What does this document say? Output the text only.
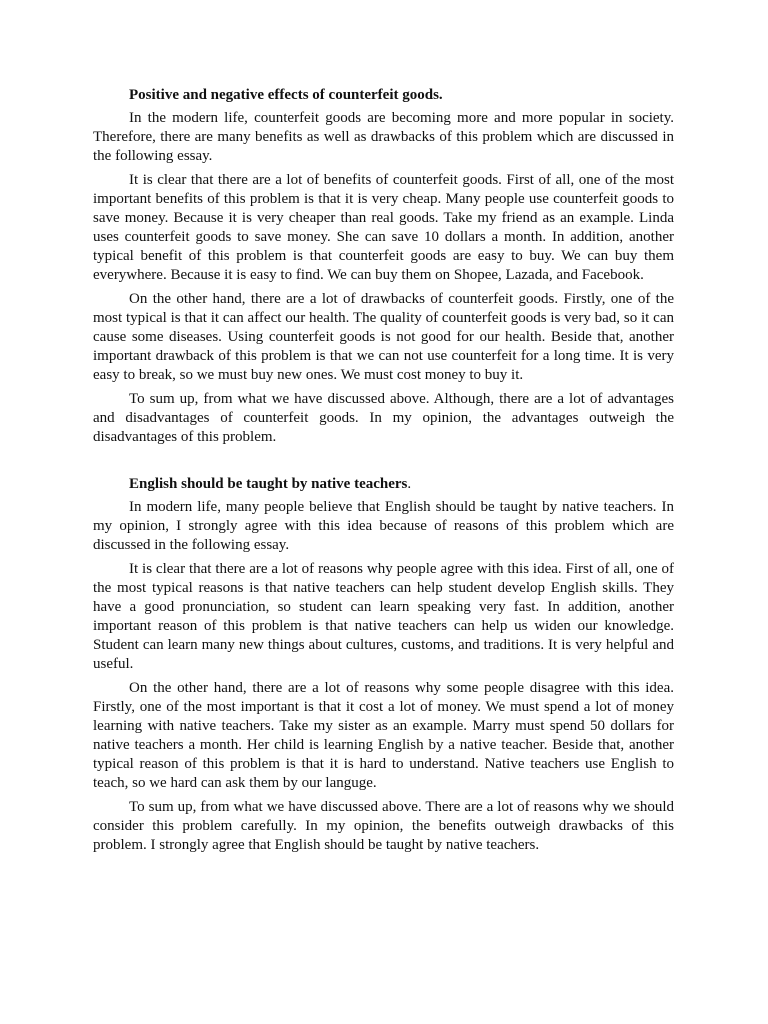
Positive and negative effects of counterfeit goods.

In the modern life, counterfeit goods are becoming more and more popular in society. Therefore, there are many benefits as well as drawbacks of this problem which are discussed in the following essay.

It is clear that there are a lot of benefits of counterfeit goods. First of all, one of the most important benefits of this problem is that it is very cheap. Many people use counterfeit goods to save money. Because it is very cheaper than real goods. Take my friend as an example. Linda uses counterfeit goods to save money. She can save 10 dollars a month. In addition, another typical benefit of this problem is that counterfeit goods are easy to buy. We can buy them everywhere. Because it is easy to find. We can buy them on Shopee, Lazada, and Facebook.

On the other hand, there are a lot of drawbacks of counterfeit goods. Firstly, one of the most typical is that it can affect our health. The quality of counterfeit goods is very bad, so it can cause some diseases. Using counterfeit goods is not good for our health. Beside that, another important drawback of this problem is that we can not use counterfeit for a long time. It is very easy to break, so we must buy new ones. We must cost money to buy it.

To sum up, from what we have discussed above. Although, there are a lot of advantages and disadvantages of counterfeit goods. In my opinion, the advantages outweigh the disadvantages of this problem.

English should be taught by native teachers.

In modern life, many people believe that English should be taught by native teachers. In my opinion, I strongly agree with this idea because of reasons of this problem which are discussed in the following essay.

It is clear that there are a lot of reasons why people agree with this idea. First of all, one of the most typical reasons is that native teachers can help student develop English skills. They have a good pronunciation, so student can learn speaking very fast. In addition, another important reason of this problem is that native teachers can help us widen our knowledge. Student can learn many new things about cultures, customs, and traditions. It is very helpful and useful.

On the other hand, there are a lot of reasons why some people disagree with this idea. Firstly, one of the most important is that it cost a lot of money. We must spend a lot of money learning with native teachers. Take my sister as an example. Marry must spend 50 dollars for native teachers a month. Her child is learning English by a native teacher. Beside that, another typical reason of this problem is that it is hard to understand. Native teachers use English to teach, so we hard can ask them by our languge.

To sum up, from what we have discussed above. There are a lot of reasons why we should consider this problem carefully. In my opinion, the benefits outweigh drawbacks of this problem. I strongly agree that English should be taught by native teachers.
